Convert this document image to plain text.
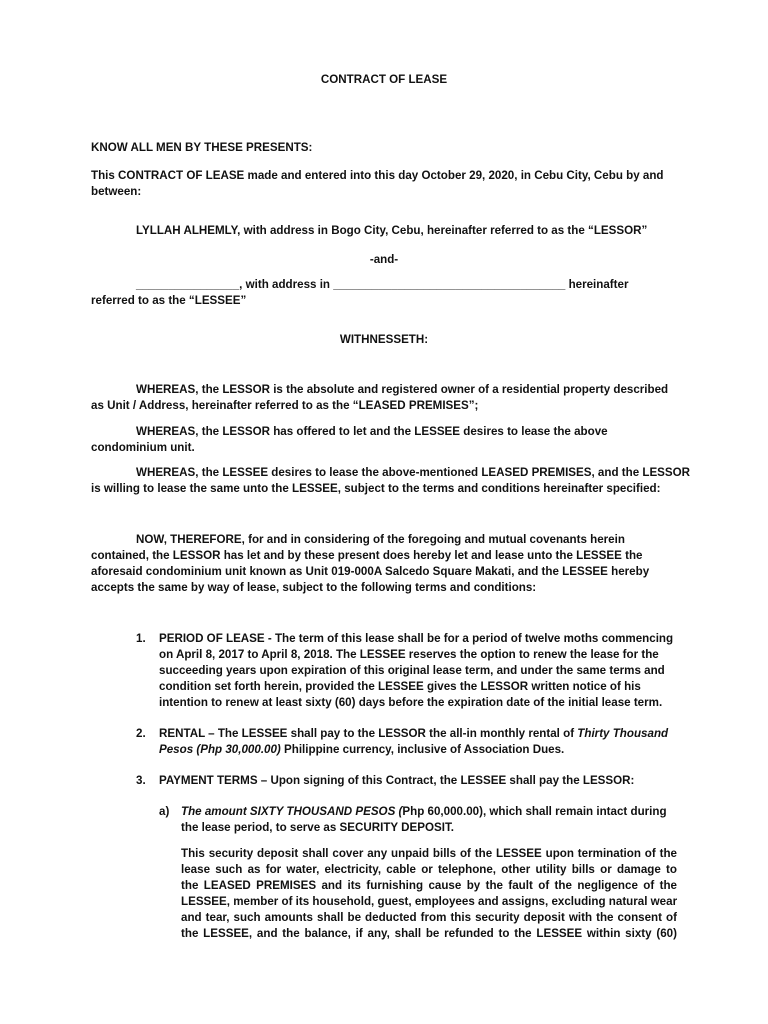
CONTRACT OF LEASE
KNOW ALL MEN BY THESE PRESENTS:
This CONTRACT OF LEASE made and entered into this day October 29, 2020, in Cebu City, Cebu by and
between:
LYLLAH ALHEMLY, with address in Bogo City, Cebu, hereinafter referred to as the “LESSOR”
-and-
________________, with address in ____________________________________ hereinafter
referred to as the “LESSEE”
WITHNESSETH:
WHEREAS, the LESSOR is the absolute and registered owner of a residential property described
as Unit / Address, hereinafter referred to as the “LEASED PREMISES”;
WHEREAS, the LESSOR has offered to let and the LESSEE desires to lease the above
condominium unit.
WHEREAS, the LESSEE desires to lease the above-mentioned LEASED PREMISES, and the LESSOR
is willing to lease the same unto the LESSEE, subject to the terms and conditions hereinafter specified:
NOW, THEREFORE, for and in considering of the foregoing and mutual covenants herein
contained, the LESSOR has let and by these present does hereby let and lease unto the LESSEE the
aforesaid condominium unit known as Unit 019-000A Salcedo Square Makati, and the LESSEE hereby
accepts the same by way of lease, subject to the following terms and conditions:
1. PERIOD OF LEASE - The term of this lease shall be for a period of twelve moths commencing
on April 8, 2017 to April 8, 2018. The LESSEE reserves the option to renew the lease for the
succeeding years upon expiration of this original lease term, and under the same terms and
condition set forth herein, provided the LESSEE gives the LESSOR written notice of his
intention to renew at least sixty (60) days before the expiration date of the initial lease term.
2. RENTAL – The LESSEE shall pay to the LESSOR the all-in monthly rental of Thirty Thousand
Pesos (Php 30,000.00) Philippine currency, inclusive of Association Dues.
3. PAYMENT TERMS – Upon signing of this Contract, the LESSEE shall pay the LESSOR:
a) The amount SIXTY THOUSAND PESOS (Php 60,000.00), which shall remain intact during
the lease period, to serve as SECURITY DEPOSIT.
This security deposit shall cover any unpaid bills of the LESSEE upon termination of the
lease such as for water, electricity, cable or telephone, other utility bills or damage to
the LEASED PREMISES and its furnishing cause by the fault of the negligence of the
LESSEE, member of its household, guest, employees and assigns, excluding natural wear
and tear, such amounts shall be deducted from this security deposit with the consent of
the LESSEE, and the balance, if any, shall be refunded to the LESSEE within sixty (60)
